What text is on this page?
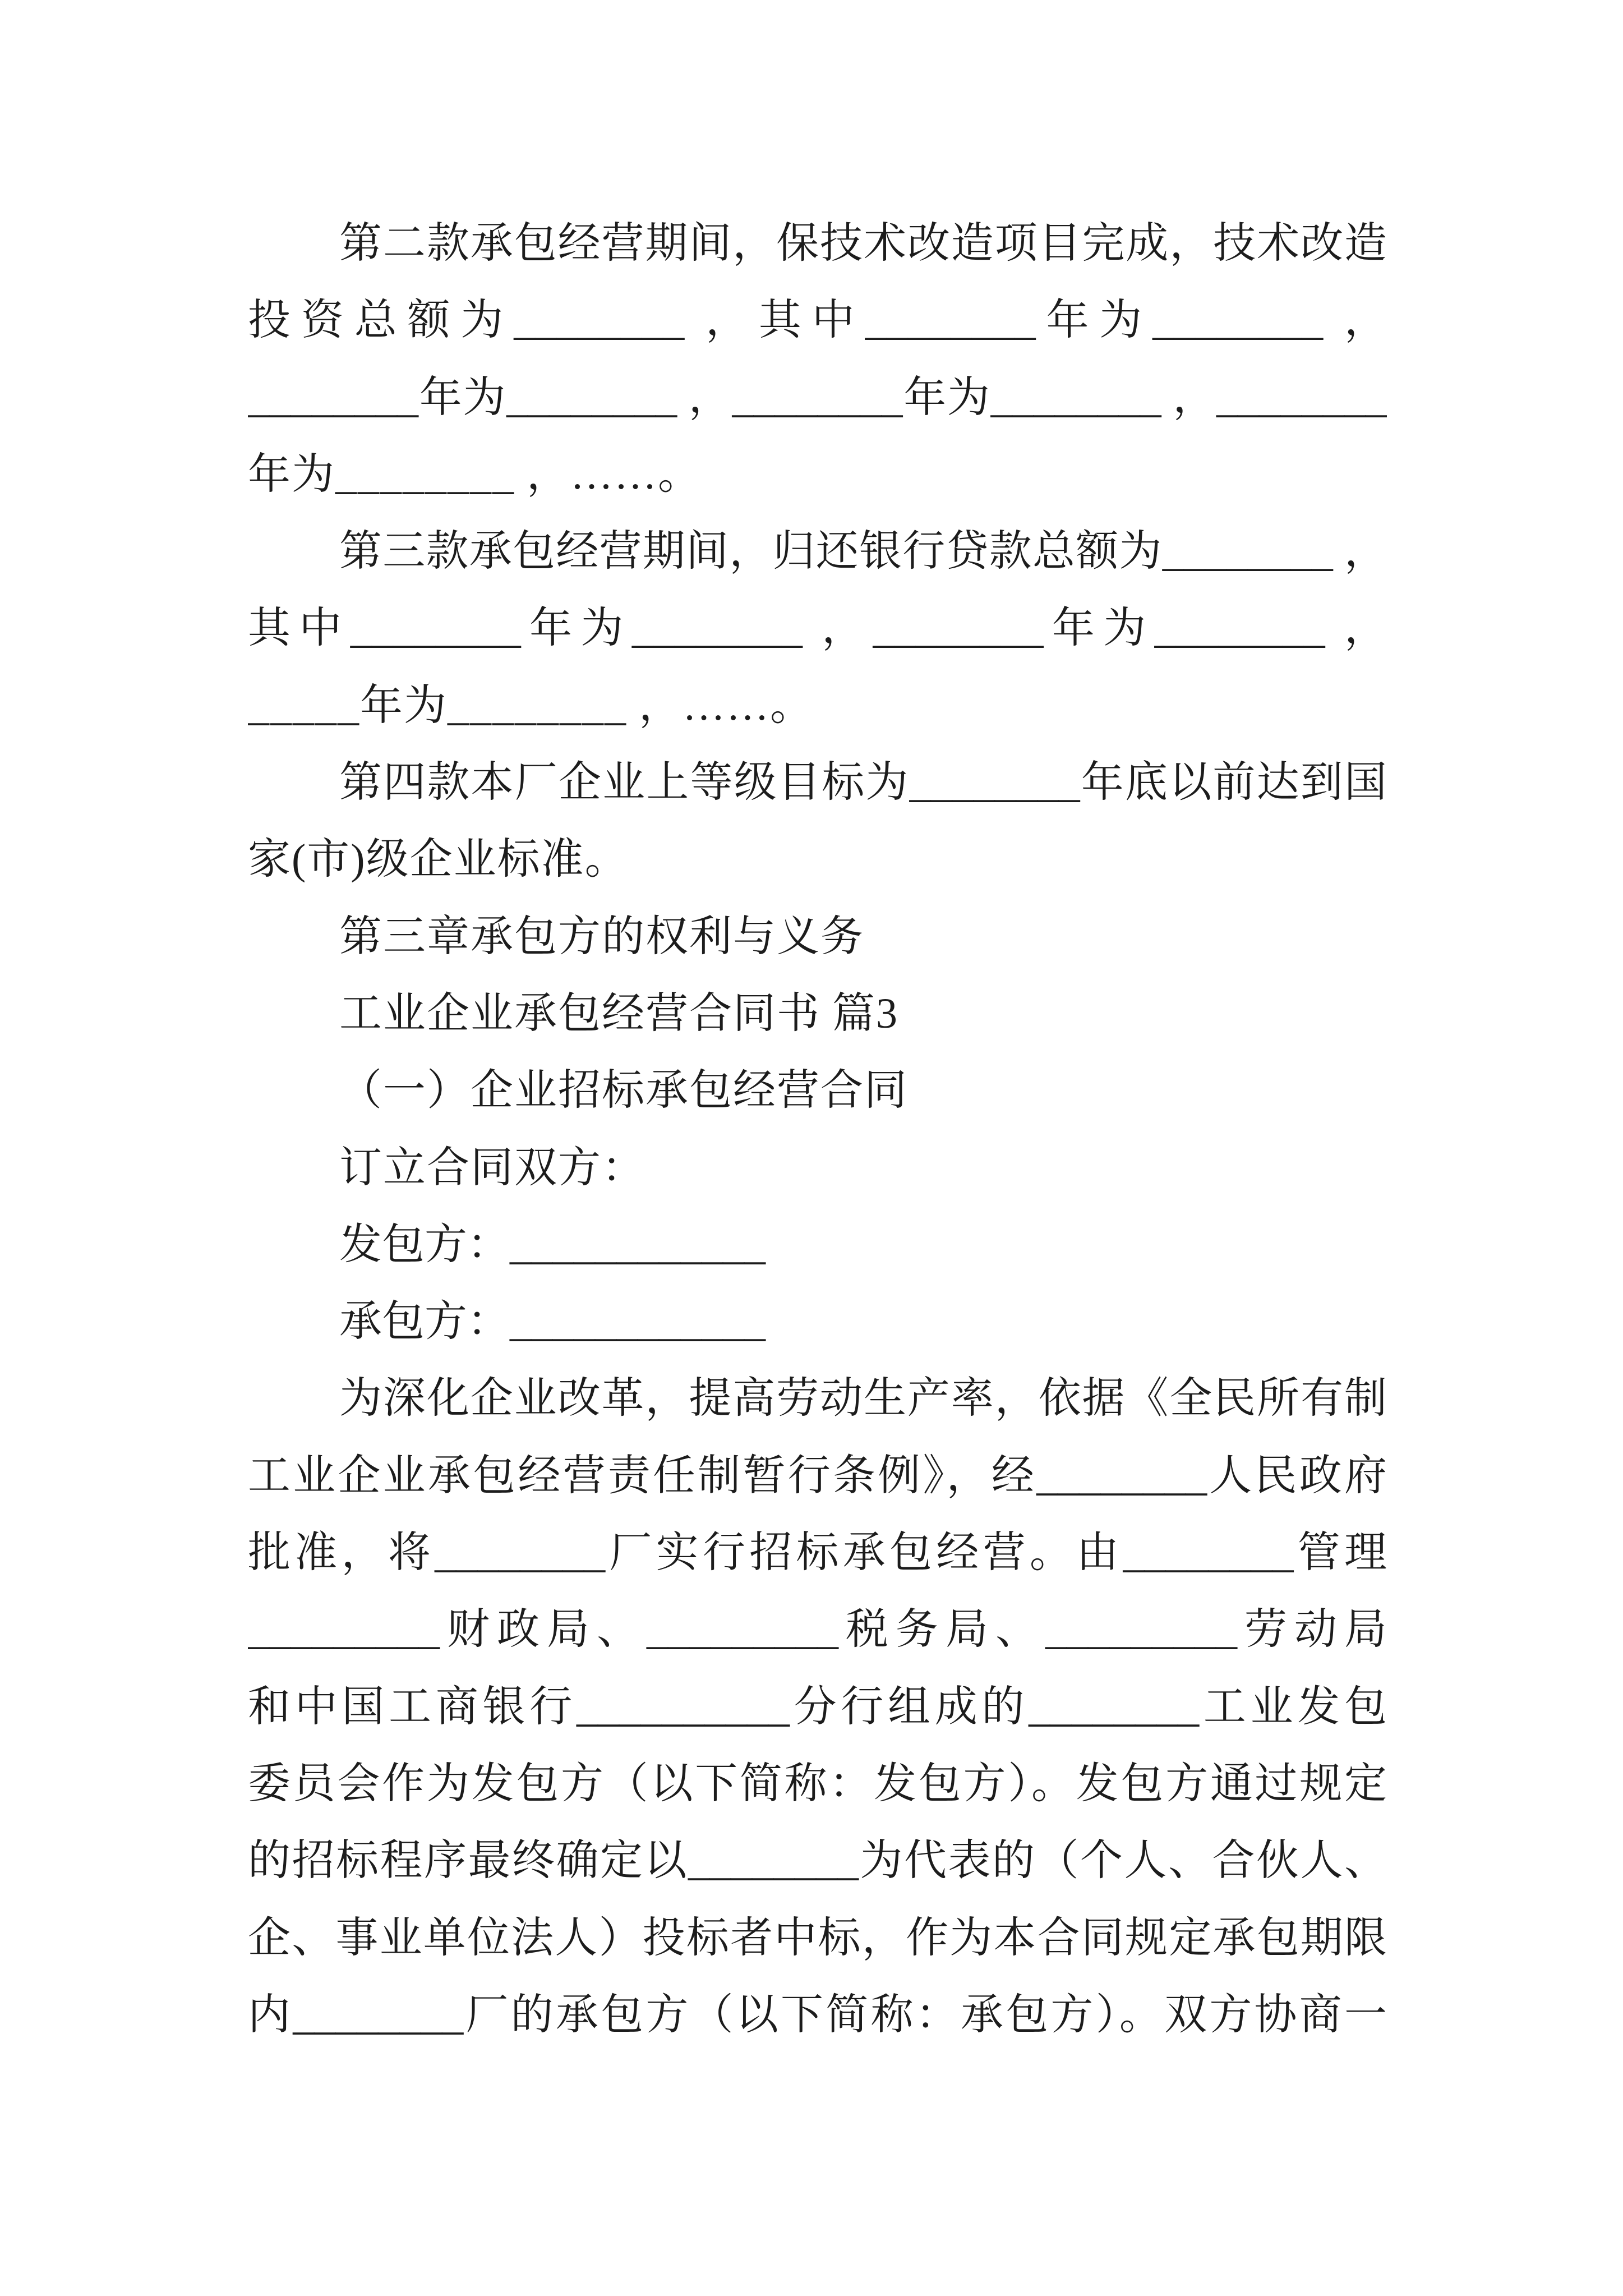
第二款承包经营期间，保技术改造项目完成，技术改造
投资总额为________ ，其中________年为________ ，
________年为________ ，________年为________ ，________
年为________ ，……。
第三款承包经营期间，归还银行贷款总额为________ ，
其中________年为________ ，________年为________ ，
_____年为________ ，……。
第四款本厂企业上等级目标为________年底以前达到国
家(市)级企业标准。
第三章承包方的权利与义务
工业企业承包经营合同书 篇3
（一）企业招标承包经营合同
订立合同双方：
发包方：____________
承包方：____________
为深化企业改革，提高劳动生产率，依据《全民所有制
工业企业承包经营责任制暂行条例》，经________人民政府
批准，将________厂实行招标承包经营。由________管理
_________财政局、_________税务局、_________劳动局
和中国工商银行__________分行组成的________工业发包
委员会作为发包方（以下简称：发包方）。发包方通过规定
的招标程序最终确定以________为代表的（个人、合伙人、
企、事业单位法人）投标者中标，作为本合同规定承包期限
内________厂的承包方（以下简称：承包方）。双方协商一
